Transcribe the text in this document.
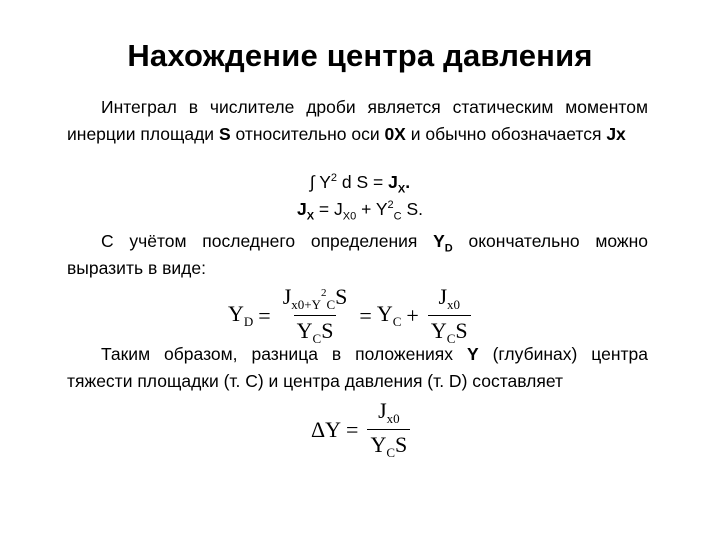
Нахождение центра давления
Интеграл в числителе дроби является статическим моментом инерции площади S относительно оси 0X и обычно обозначается Jx
∫ $Y^2$ d $S = J_X$.
$J_X = J_{X0} + Y^2_C$ S.
С учётом последнего определения $Y_D$ окончательно можно выразить в виде:
$Y_D = \frac{J_{x0+Y}^2_CS}{Y_CS} = Y_C + \frac{J_{x0}}{Y_CS}$
Таким образом, разница в положениях Y (глубинах) центра тяжести площадки (т. С) и центра давления (т. D) составляет
$\Delta Y = \frac{J_{x0}}{Y_CS}$
